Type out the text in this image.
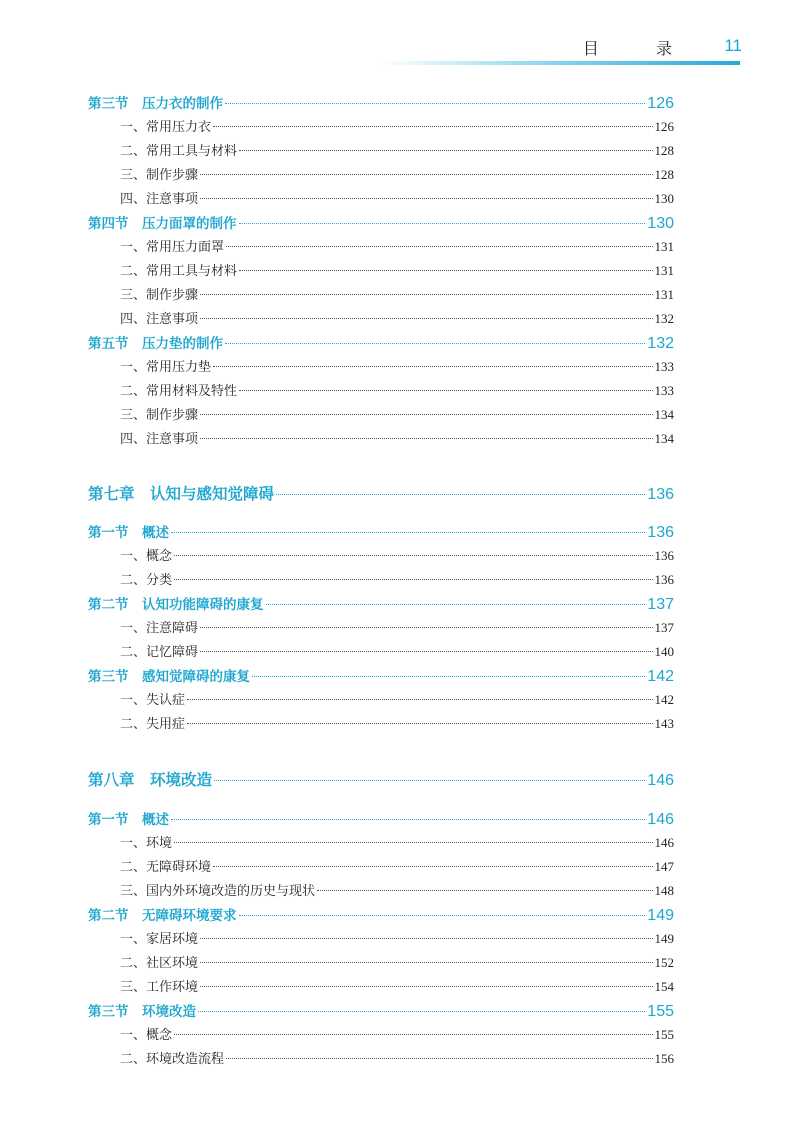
目 录 11
第三节　压力衣的制作	126
一、常用压力衣	126
二、常用工具与材料	128
三、制作步骤	128
四、注意事项	130
第四节　压力面罩的制作	130
一、常用压力面罩	131
二、常用工具与材料	131
三、制作步骤	131
四、注意事项	132
第五节　压力垫的制作	132
一、常用压力垫	133
二、常用材料及特性	133
三、制作步骤	134
四、注意事项	134
第七章　认知与感知觉障碍	136
第一节　概述	136
一、概念	136
二、分类	136
第二节　认知功能障碍的康复	137
一、注意障碍	137
二、记忆障碍	140
第三节　感知觉障碍的康复	142
一、失认症	142
二、失用症	143
第八章　环境改造	146
第一节　概述	146
一、环境	146
二、无障碍环境	147
三、国内外环境改造的历史与现状	148
第二节　无障碍环境要求	149
一、家居环境	149
二、社区环境	152
三、工作环境	154
第三节　环境改造	155
一、概念	155
二、环境改造流程	156
